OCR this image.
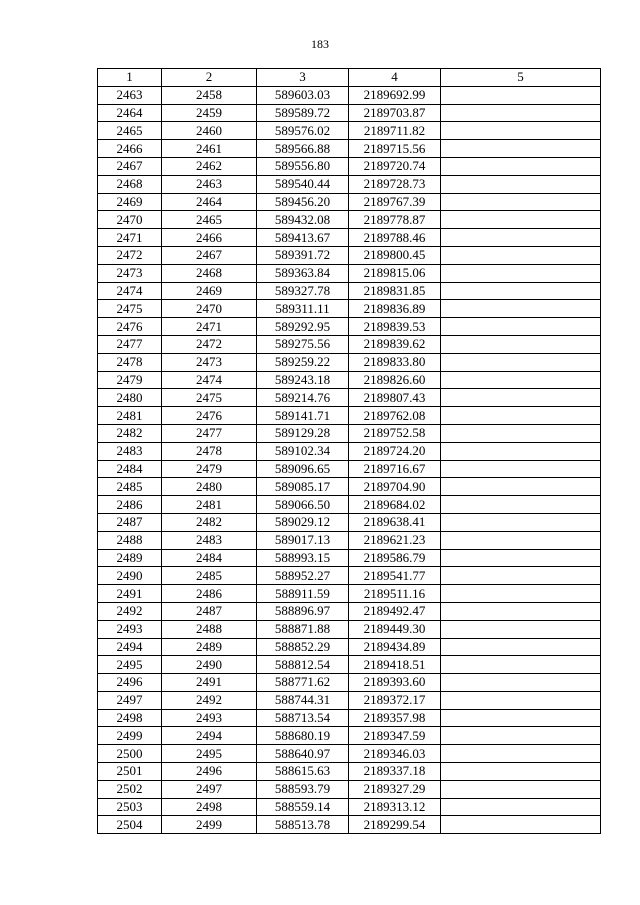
183
1	2	3	4	5
2463	2458	589603.03	2189692.99	
2464	2459	589589.72	2189703.87	
2465	2460	589576.02	2189711.82	
2466	2461	589566.88	2189715.56	
2467	2462	589556.80	2189720.74	
2468	2463	589540.44	2189728.73	
2469	2464	589456.20	2189767.39	
2470	2465	589432.08	2189778.87	
2471	2466	589413.67	2189788.46	
2472	2467	589391.72	2189800.45	
2473	2468	589363.84	2189815.06	
2474	2469	589327.78	2189831.85	
2475	2470	589311.11	2189836.89	
2476	2471	589292.95	2189839.53	
2477	2472	589275.56	2189839.62	
2478	2473	589259.22	2189833.80	
2479	2474	589243.18	2189826.60	
2480	2475	589214.76	2189807.43	
2481	2476	589141.71	2189762.08	
2482	2477	589129.28	2189752.58	
2483	2478	589102.34	2189724.20	
2484	2479	589096.65	2189716.67	
2485	2480	589085.17	2189704.90	
2486	2481	589066.50	2189684.02	
2487	2482	589029.12	2189638.41	
2488	2483	589017.13	2189621.23	
2489	2484	588993.15	2189586.79	
2490	2485	588952.27	2189541.77	
2491	2486	588911.59	2189511.16	
2492	2487	588896.97	2189492.47	
2493	2488	588871.88	2189449.30	
2494	2489	588852.29	2189434.89	
2495	2490	588812.54	2189418.51	
2496	2491	588771.62	2189393.60	
2497	2492	588744.31	2189372.17	
2498	2493	588713.54	2189357.98	
2499	2494	588680.19	2189347.59	
2500	2495	588640.97	2189346.03	
2501	2496	588615.63	2189337.18	
2502	2497	588593.79	2189327.29	
2503	2498	588559.14	2189313.12	
2504	2499	588513.78	2189299.54	
